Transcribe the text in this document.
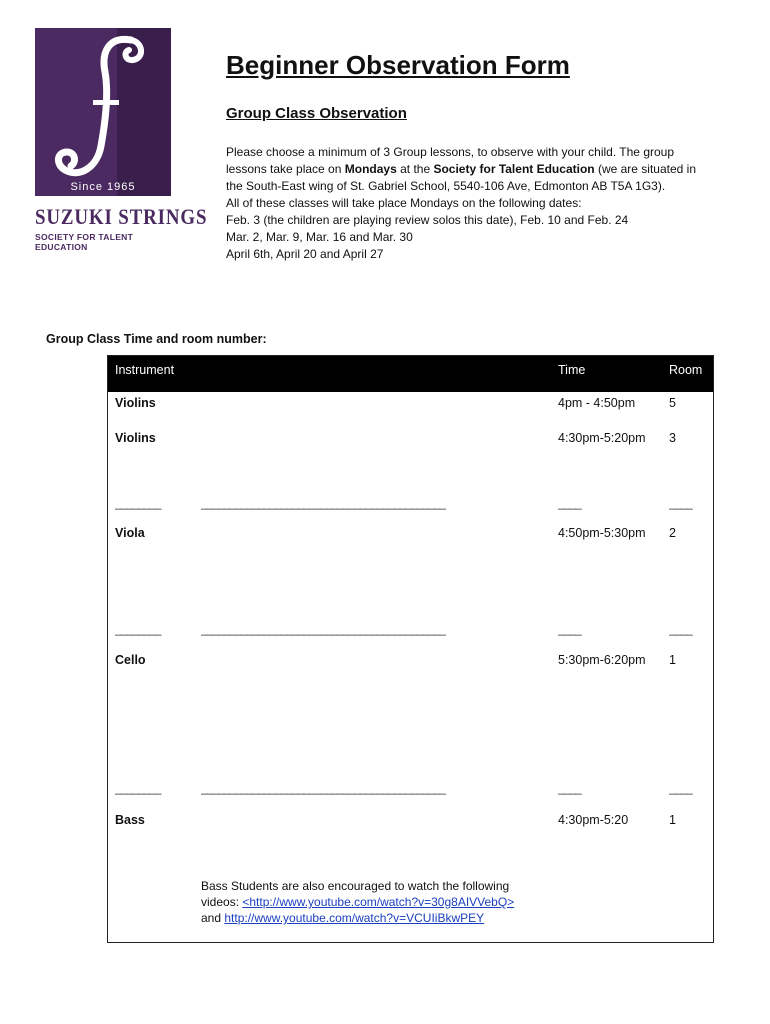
Since 1965
SUZUKI STRINGS
SOCIETY FOR TALENT EDUCATION
Beginner Observation Form
Group Class Observation

Please choose a minimum of 3 Group lessons, to observe with your child. The group

lessons take place on Mondays at the Society for Talent Education (we are situated in

the South-East wing of St. Gabriel School, 5540-106 Ave, Edmonton AB T5A 1G3).

All of these classes will take place Mondays on the following dates:

Feb. 3 (the children are playing review solos this date), Feb. 10 and Feb. 24

Mar. 2, Mar. 9, Mar. 16 and Mar. 30

April 6th, April 20 and April 27

Group Class Time and room number:
Instrument	Time	Room
Violins	4pm - 4:50pm	5
Violins	4:30pm-5:20pm 3
________	___________________________________________	____	____
Viola	4:50pm-5:30pm 2
________	___________________________________________	____	____
Cello	5:30pm-6:20pm 1
________	___________________________________________	____	____
Bass	4:30pm-5:20	1

Bass Students are also encouraged to watch the following

videos: <http://www.youtube.com/watch?v=30g8AIVVebQ>

and http://www.youtube.com/watch?v=VCUIiBkwPEY
